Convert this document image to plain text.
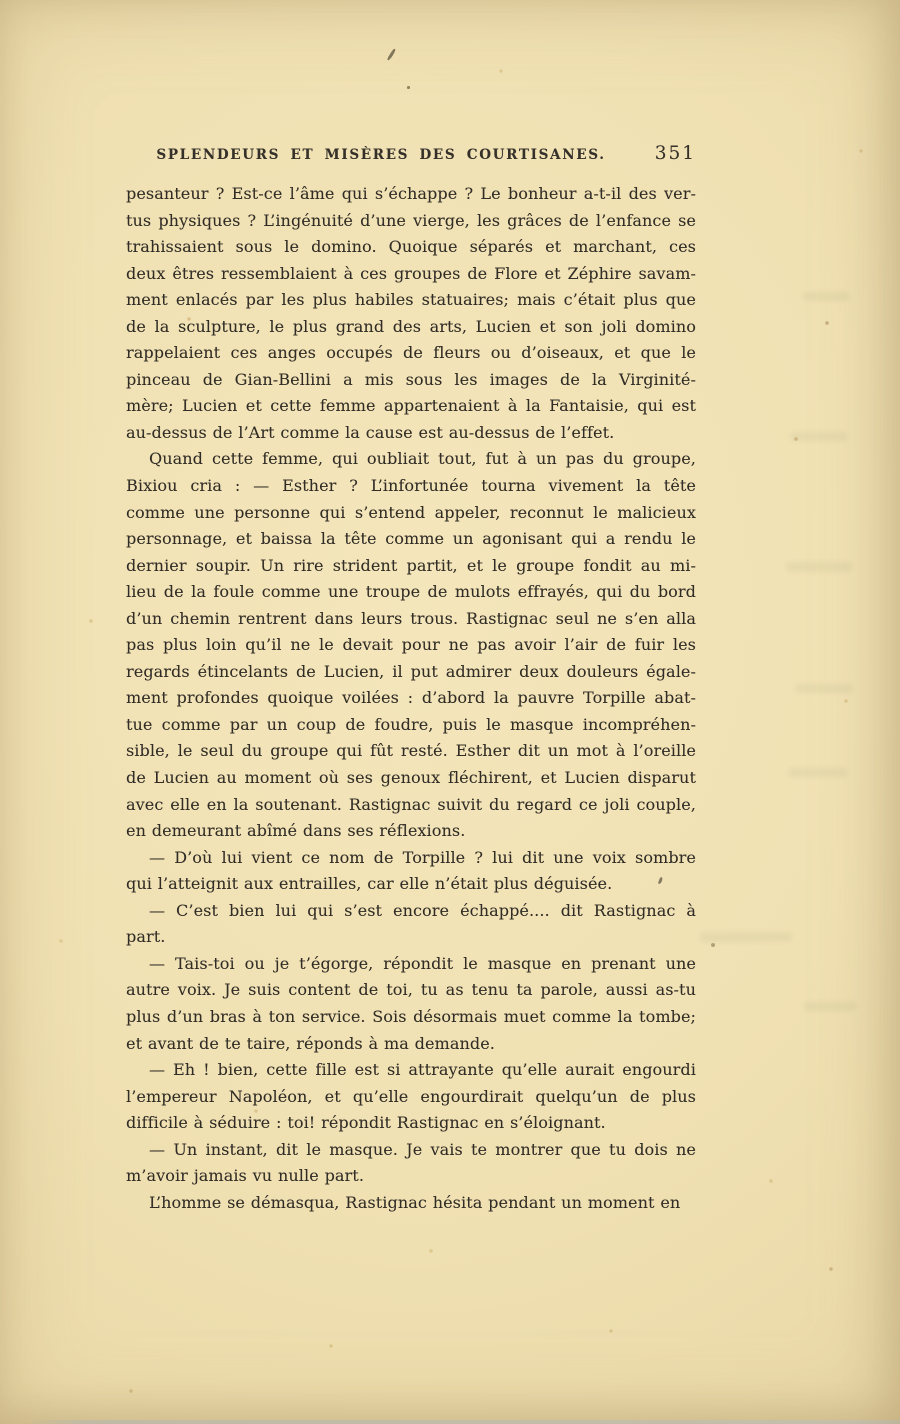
SPLENDEURS ET MISÈRES DES COURTISANES.	351
pesanteur ? Est-ce l’âme qui s’échappe ? Le bonheur a-t-il des ver-
tus physiques ? L’ingénuité d’une vierge, les grâces de l’enfance se
trahissaient sous le domino. Quoique séparés et marchant, ces
deux êtres ressemblaient à ces groupes de Flore et Zéphire savam-
ment enlacés par les plus habiles statuaires; mais c’était plus que
de la sculpture, le plus grand des arts, Lucien et son joli domino
rappelaient ces anges occupés de fleurs ou d’oiseaux, et que le
pinceau de Gian-Bellini a mis sous les images de la Virginité-
mère; Lucien et cette femme appartenaient à la Fantaisie, qui est
au-dessus de l’Art comme la cause est au-dessus de l’effet.
Quand cette femme, qui oubliait tout, fut à un pas du groupe,
Bixiou cria : — Esther ? L’infortunée tourna vivement la tête
comme une personne qui s’entend appeler, reconnut le malicieux
personnage, et baissa la tête comme un agonisant qui a rendu le
dernier soupir. Un rire strident partit, et le groupe fondit au mi-
lieu de la foule comme une troupe de mulots effrayés, qui du bord
d’un chemin rentrent dans leurs trous. Rastignac seul ne s’en alla
pas plus loin qu’il ne le devait pour ne pas avoir l’air de fuir les
regards étincelants de Lucien, il put admirer deux douleurs égale-
ment profondes quoique voilées : d’abord la pauvre Torpille abat-
tue comme par un coup de foudre, puis le masque incompréhen-
sible, le seul du groupe qui fût resté. Esther dit un mot à l’oreille
de Lucien au moment où ses genoux fléchirent, et Lucien disparut
avec elle en la soutenant. Rastignac suivit du regard ce joli couple,
en demeurant abîmé dans ses réflexions.
— D’où lui vient ce nom de Torpille ? lui dit une voix sombre
qui l’atteignit aux entrailles, car elle n’était plus déguisée.
— C’est bien lui qui s’est encore échappé.... dit Rastignac à
part.
— Tais-toi ou je t’égorge, répondit le masque en prenant une
autre voix. Je suis content de toi, tu as tenu ta parole, aussi as-tu
plus d’un bras à ton service. Sois désormais muet comme la tombe;
et avant de te taire, réponds à ma demande.
— Eh ! bien, cette fille est si attrayante qu’elle aurait engourdi
l’empereur Napoléon, et qu’elle engourdirait quelqu’un de plus
difficile à séduire : toi! répondit Rastignac en s’éloignant.
— Un instant, dit le masque. Je vais te montrer que tu dois ne
m’avoir jamais vu nulle part.
L’homme se démasqua, Rastignac hésita pendant un moment en
